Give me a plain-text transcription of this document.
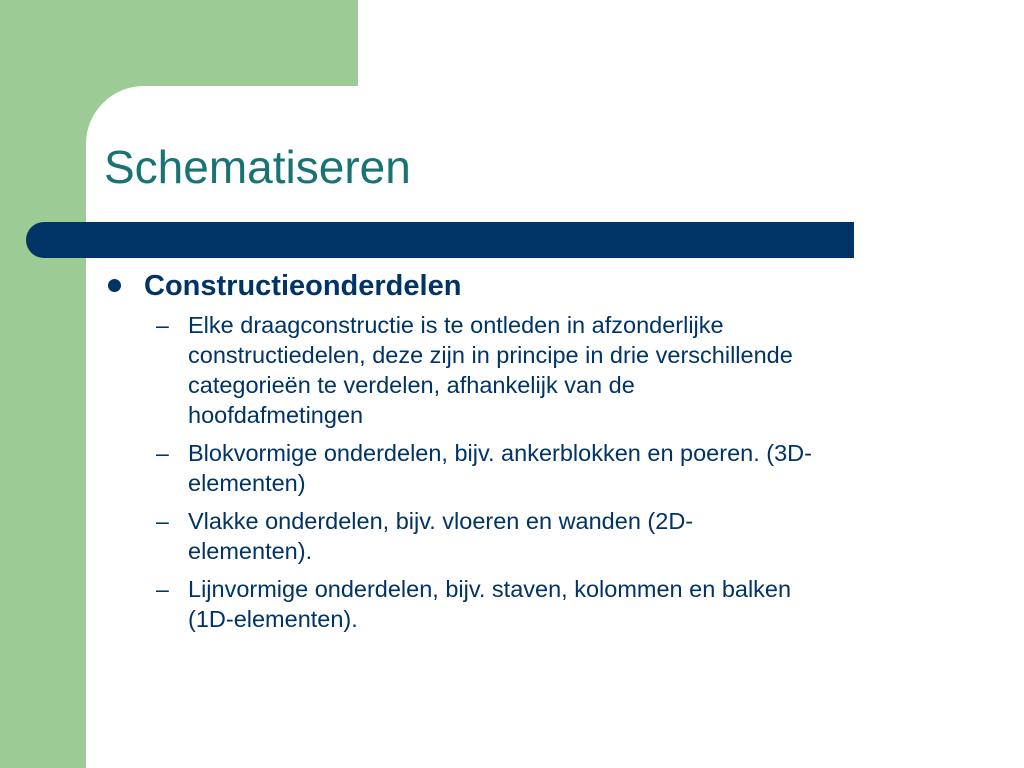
Schematiseren
Constructieonderdelen
– Elke draagconstructie is te ontleden in afzonderlijke
constructiedelen, deze zijn in principe in drie verschillende
categorieën te verdelen, afhankelijk van de
hoofdafmetingen
– Blokvormige onderdelen, bijv. ankerblokken en poeren. (3D-
elementen)
– Vlakke onderdelen, bijv. vloeren en wanden (2D-
elementen).
– Lijnvormige onderdelen, bijv. staven, kolommen en balken
(1D-elementen).
